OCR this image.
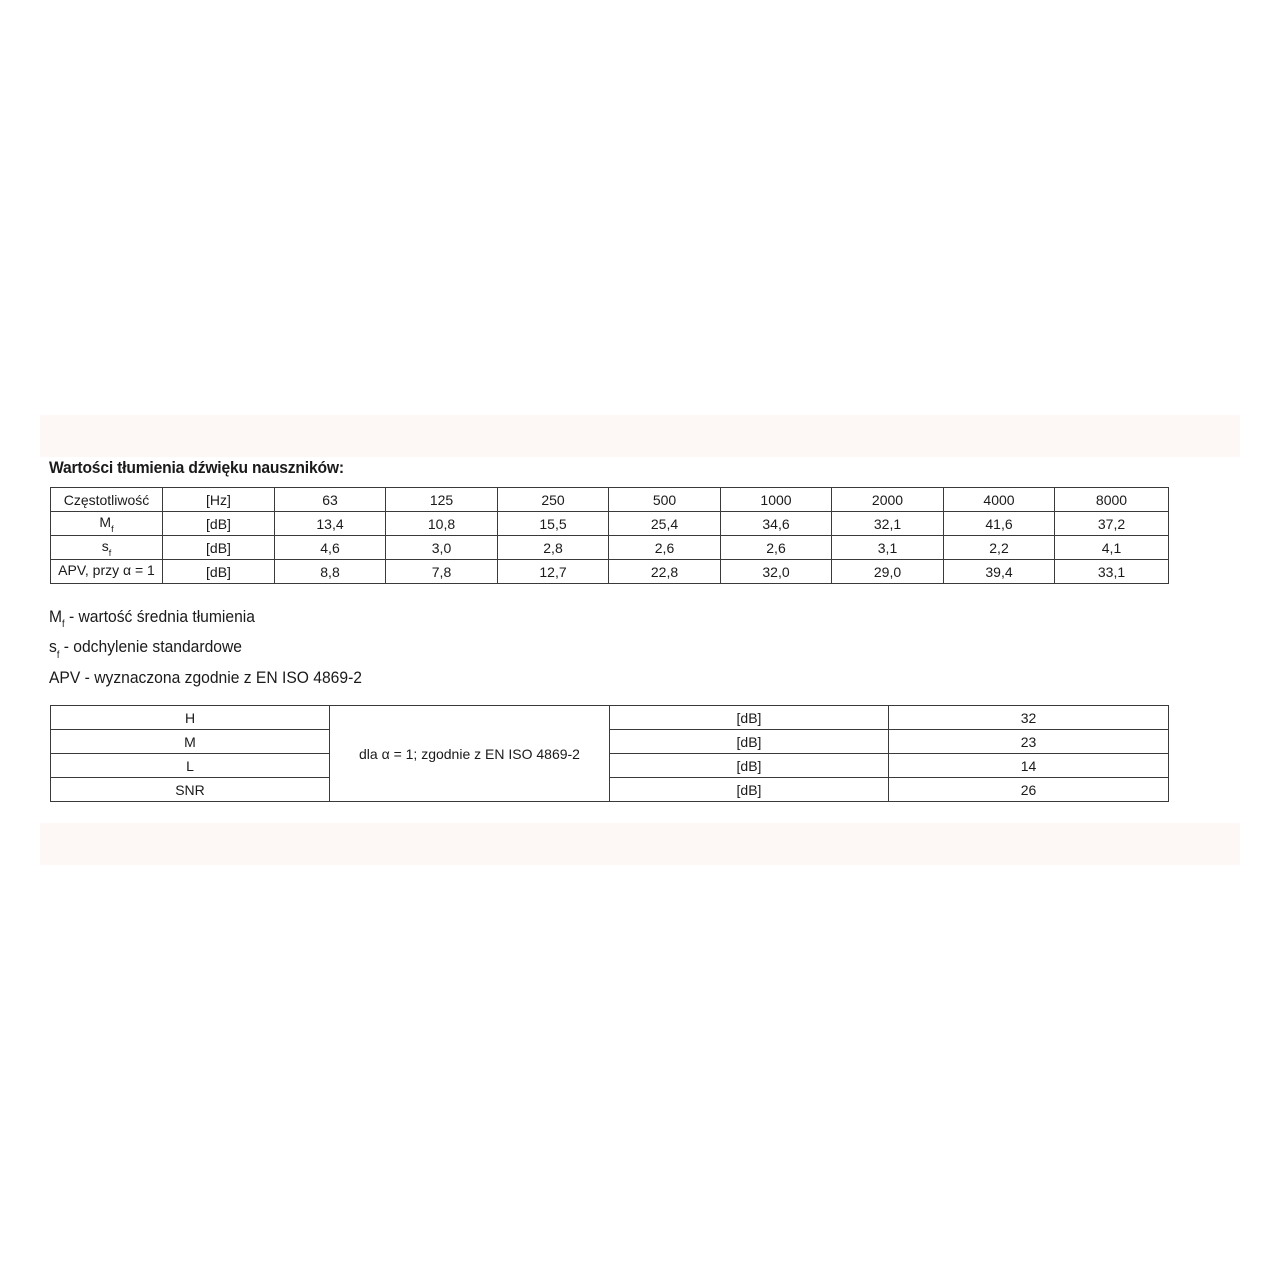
Wartości tłumienia dźwięku nauszników:
Częstotliwość	[Hz]	63	125	250	500	1000	2000	4000	8000
$M_f$	[dB]	13,4	10,8	15,5	25,4	34,6	32,1	41,6	37,2
$s_f$	[dB]	4,6	3,0	2,8	2,6	2,6	3,1	2,2	4,1
APV, przy α = 1	[dB]	8,8	7,8	12,7	22,8	32,0	29,0	39,4	33,1
$M_f$ - wartość średnia tłumienia
$s_f$ - odchylenie standardowe
APV - wyznaczona zgodnie z EN ISO 4869-2
H	dla α = 1; zgodnie z EN ISO 4869-2	[dB]	32
M		[dB]	23
L		[dB]	14
SNR		[dB]	26
